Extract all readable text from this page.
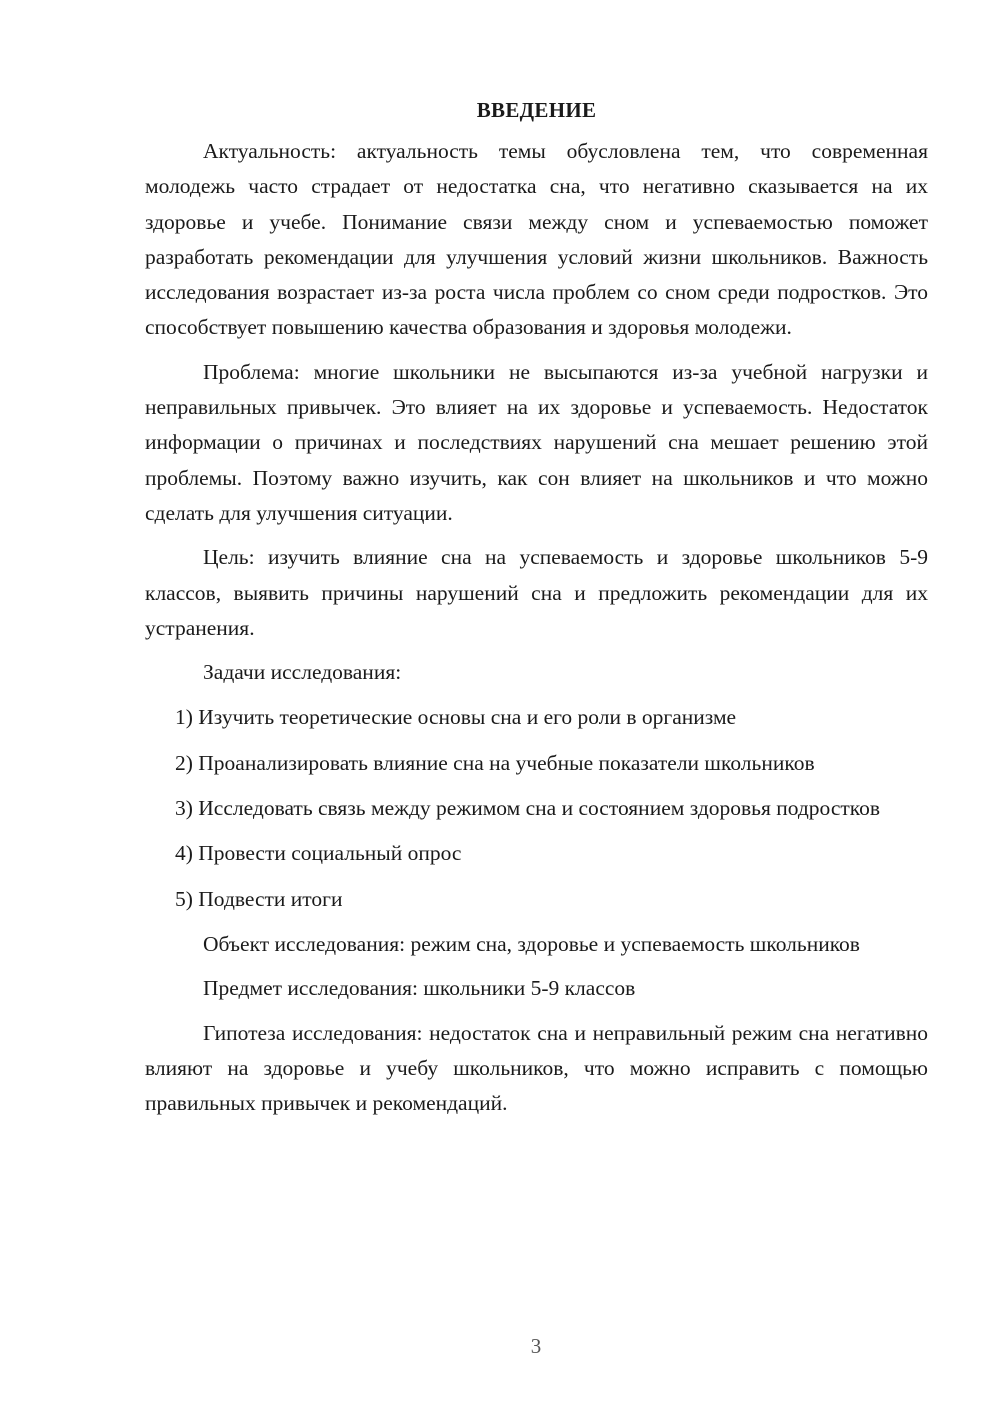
ВВЕДЕНИЕ

Актуальность: актуальность темы обусловлена тем, что современная молодежь часто страдает от недостатка сна, что негативно сказывается на их здоровье и учебе. Понимание связи между сном и успеваемостью поможет разработать рекомендации для улучшения условий жизни школьников. Важность исследования возрастает из-за роста числа проблем со сном среди подростков. Это способствует повышению качества образования и здоровья молодежи.

Проблема: многие школьники не высыпаются из-за учебной нагрузки и неправильных привычек. Это влияет на их здоровье и успеваемость. Недостаток информации о причинах и последствиях нарушений сна мешает решению этой проблемы. Поэтому важно изучить, как сон влияет на школьников и что можно сделать для улучшения ситуации.

Цель: изучить влияние сна на успеваемость и здоровье школьников 5-9 классов, выявить причины нарушений сна и предложить рекомендации для их устранения.

Задачи исследования:

1) Изучить теоретические основы сна и его роли в организме

2) Проанализировать влияние сна на учебные показатели школьников

3) Исследовать связь между режимом сна и состоянием здоровья подростков

4) Провести социальный опрос

5) Подвести итоги

Объект исследования: режим сна, здоровье и успеваемость школьников

Предмет исследования: школьники 5-9 классов

Гипотеза исследования: недостаток сна и неправильный режим сна негативно влияют на здоровье и учебу школьников, что можно исправить с помощью правильных привычек и рекомендаций.

3
